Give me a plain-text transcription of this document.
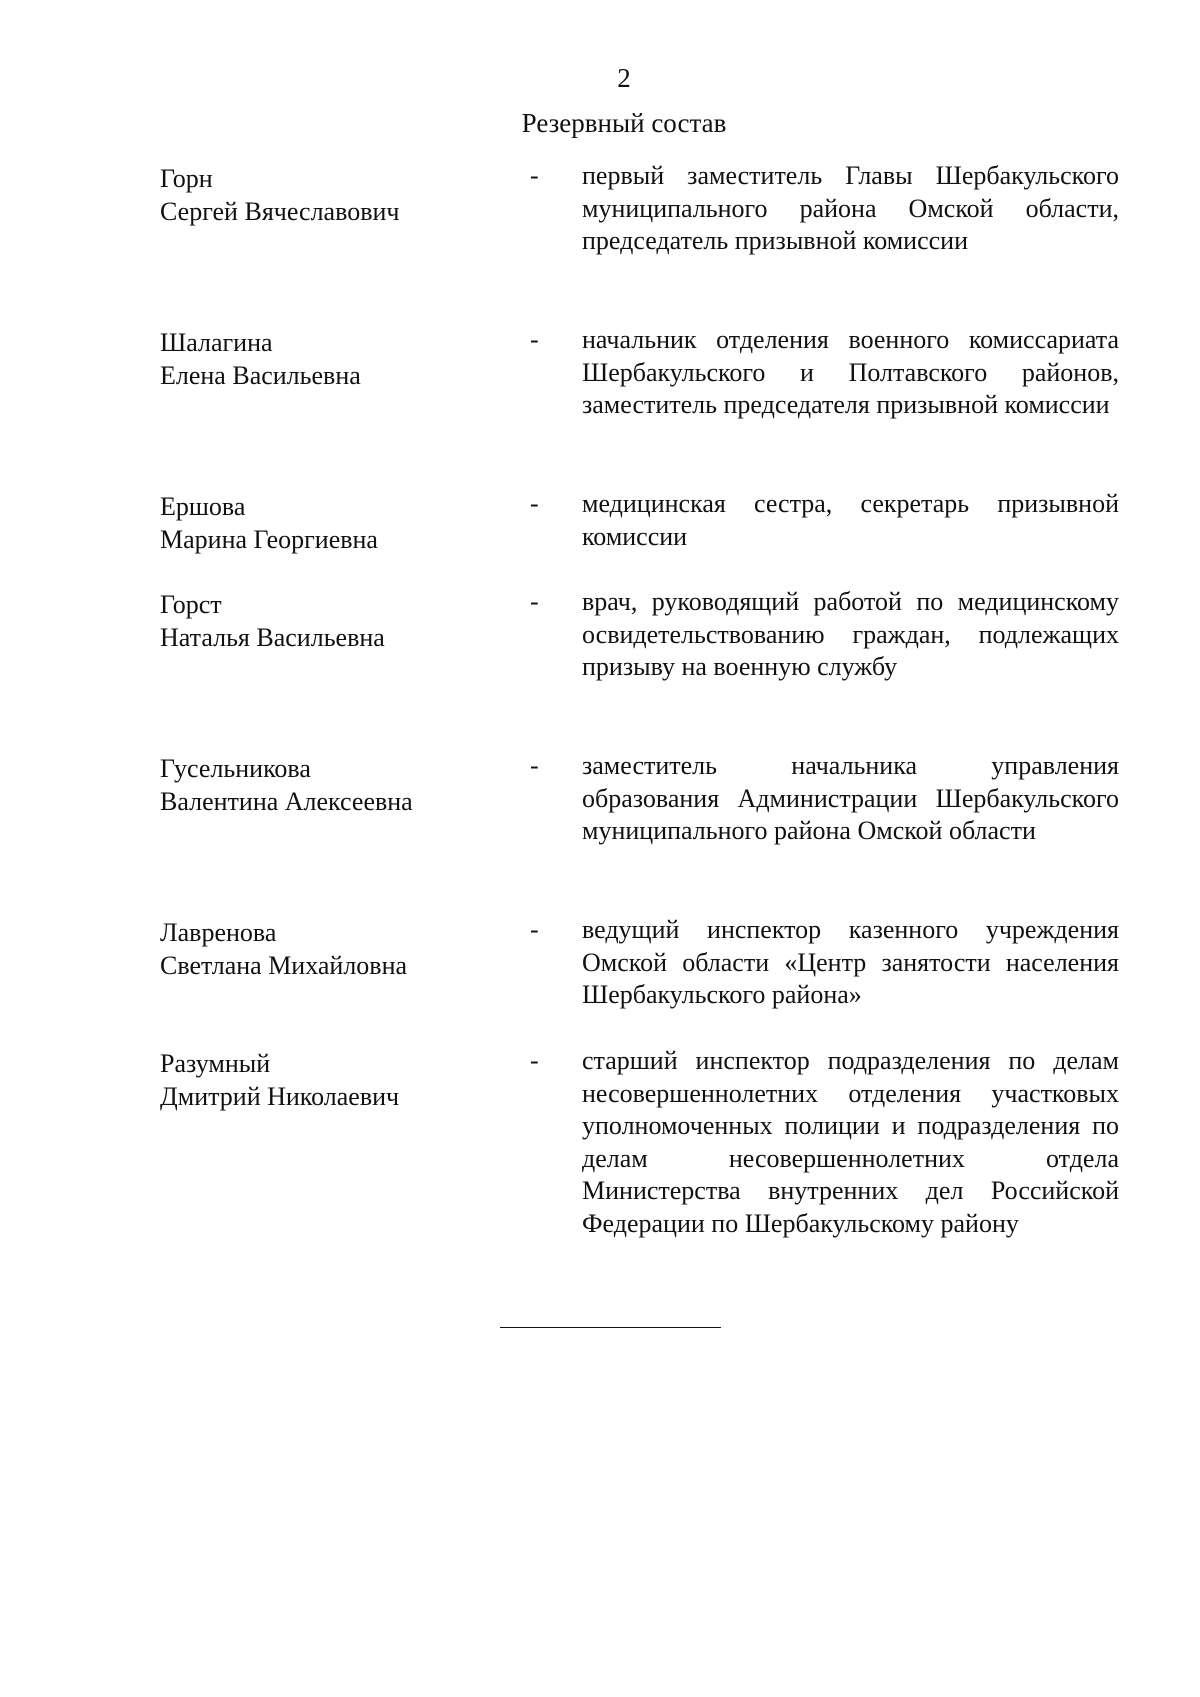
2
Резервный состав
Горн
Сергей Вячеславович
- первый заместитель Главы Шербакульского муниципального района Омской области, председатель призывной комиссии
Шалагина
Елена Васильевна
- начальник отделения военного комиссариата Шербакульского и Полтавского районов, заместитель председателя призывной комиссии
Ершова
Марина Георгиевна
- медицинская сестра, секретарь призывной комиссии
Горст
Наталья Васильевна
- врач, руководящий работой по медицинскому освидетельствованию граждан, подлежащих призыву на военную службу
Гусельникова
Валентина Алексеевна
- заместитель начальника управления образования Администрации Шербакульского муниципального района Омской области
Лавренова
Светлана Михайловна
- ведущий инспектор казенного учреждения Омской области «Центр занятости населения Шербакульского района»
Разумный
Дмитрий Николаевич
- старший инспектор подразделения по делам несовершеннолетних отделения участковых уполномоченных полиции и подразделения по делам несовершеннолетних отдела Министерства внутренних дел Российской Федерации по Шербакульскому району
